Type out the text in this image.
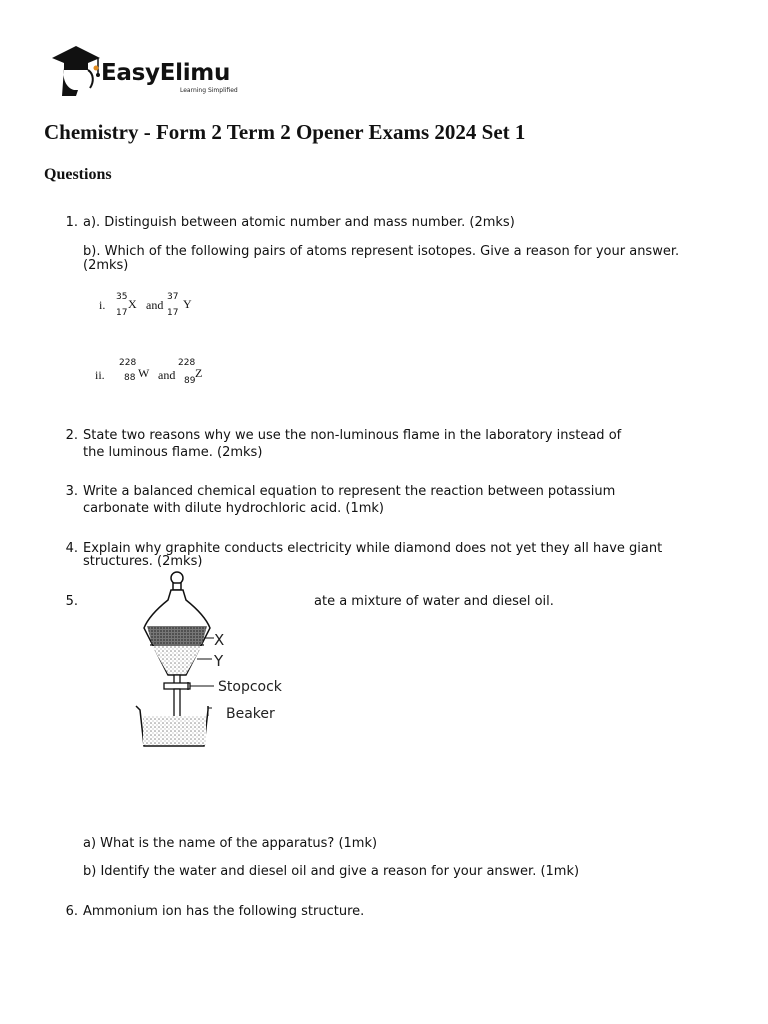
EasyElimu
Learning Simplified
Chemistry - Form 2 Term 2 Opener Exams 2024 Set 1
Questions
1. a). Distinguish between atomic number and mass number. (2mks)

b). Which of the following pairs of atoms represent isotopes. Give a reason for your answer.

(2mks)

i.
35
17
X and
37
17
Y
ii.
228
88 W and
228
89
Z
2. State two reasons why we use the non-luminous flame in the laboratory instead of

the luminous flame. (2mks)

3. Write a balanced chemical equation to represent the reaction between potassium

carbonate with dilute hydrochloric acid. (1mk)

4. Explain why graphite conducts electricity while diamond does not yet they all have giant

structures. (2mks)

5.	ate a mixture of water and diesel oil.

X
Y
Stopcock
Beaker

a) What is the name of the apparatus? (1mk)

b) Identify the water and diesel oil and give a reason for your answer. (1mk)

6. Ammonium ion has the following structure.
